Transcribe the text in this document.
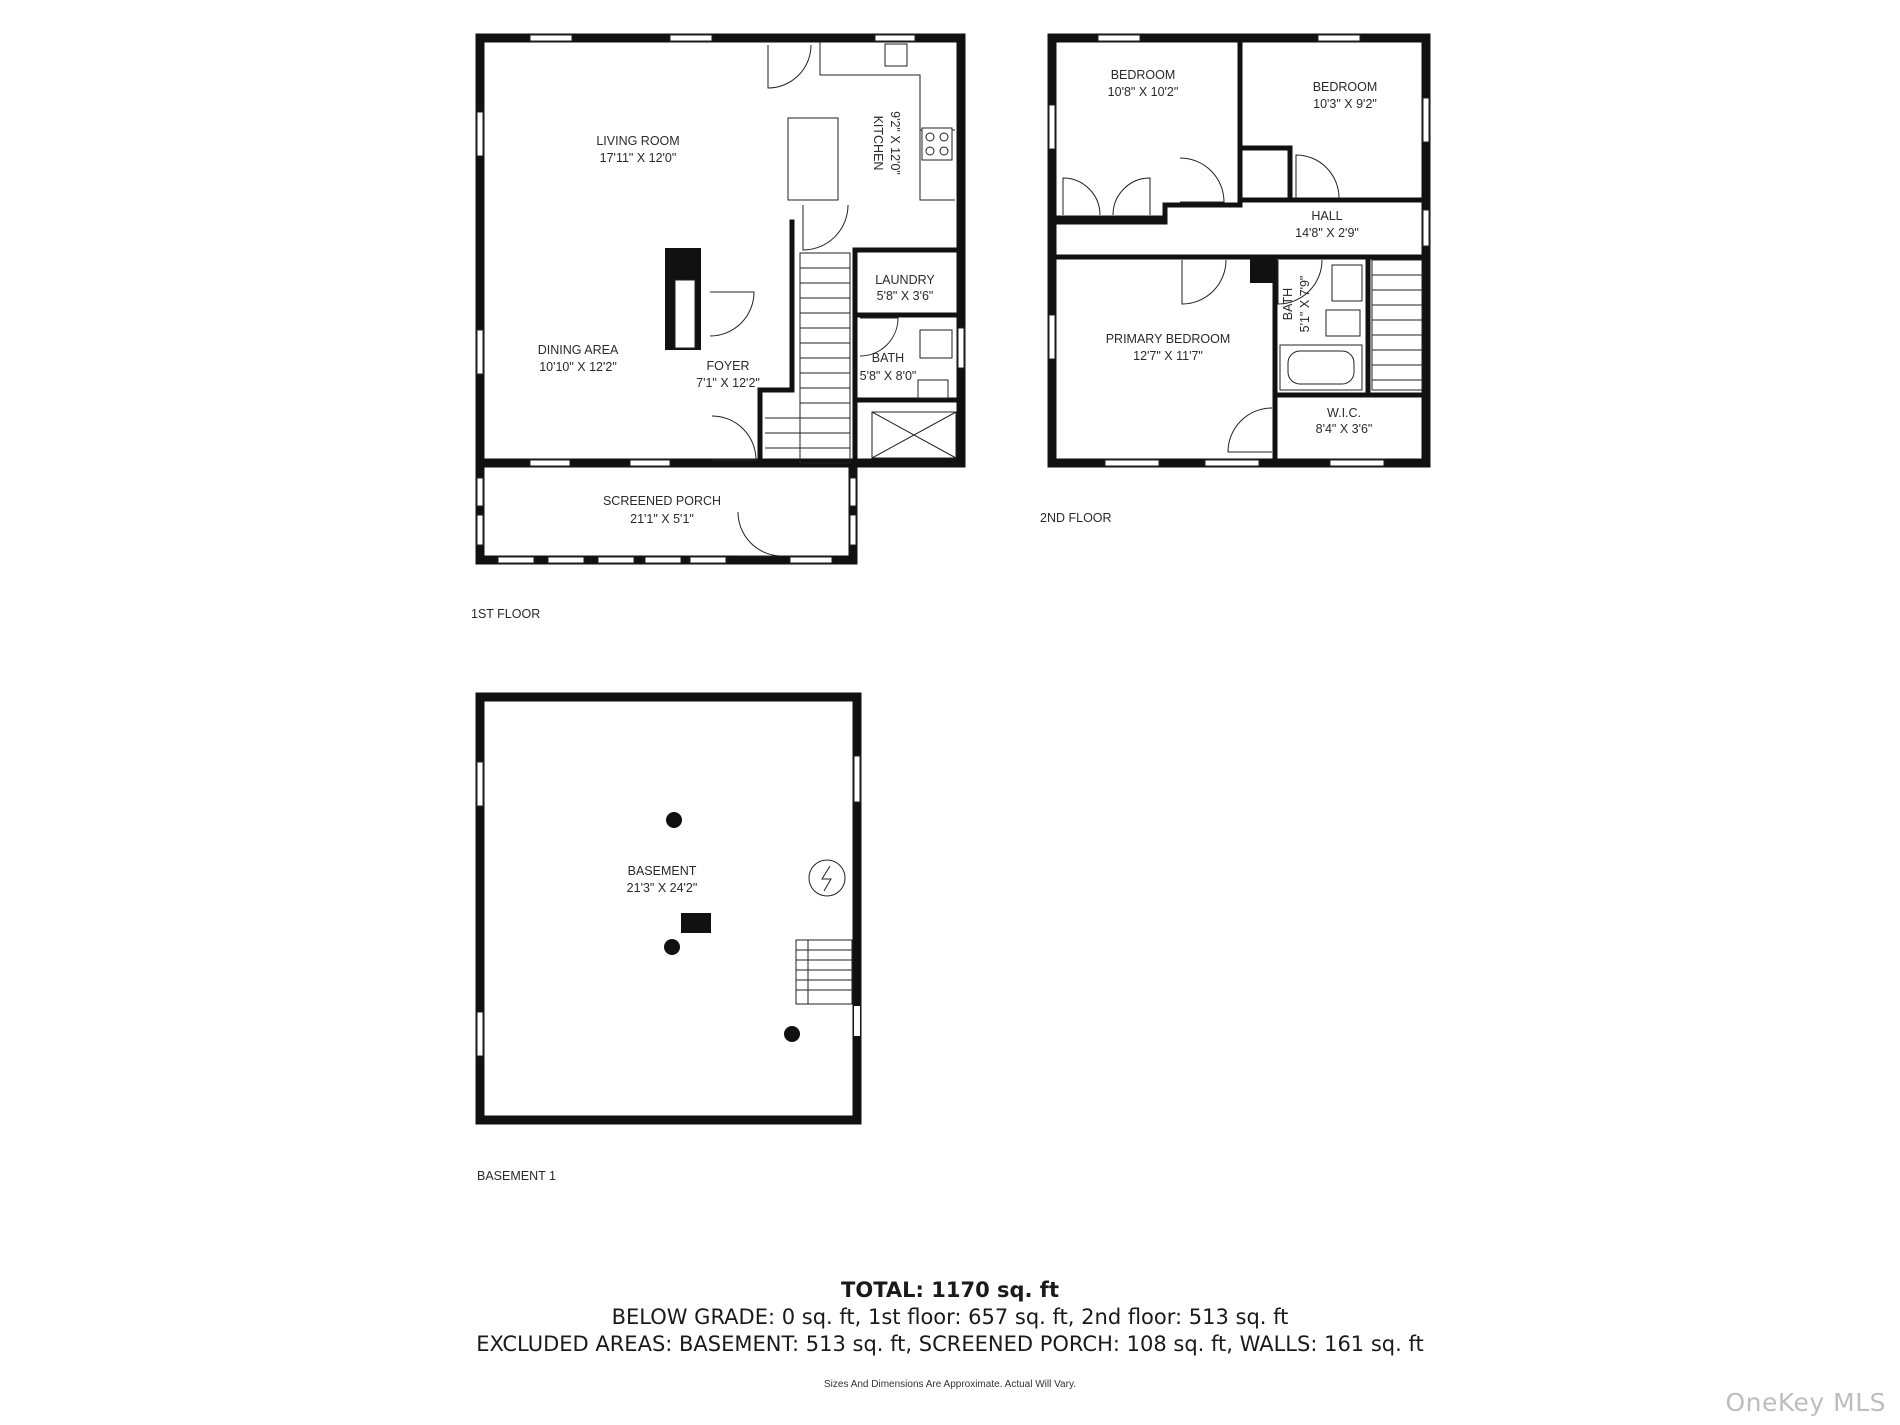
LIVING ROOM
17'11" X 12'0"	KITCHEN 9'2" X 12'0"
LAUNDRY
5'8" X 3'6"
DINING AREA
10'10" X 12'2"	FOYER
7'1" X 12'2"
BATH
5'8" X 8'0"
SCREENED PORCH
21'1" X 5'1"
1ST FLOOR
BEDROOM
10'8" X 10'2"	BEDROOM
10'3" X 9'2"
HALL
14'8" X 2'9"
PRIMARY BEDROOM
12'7" X 11'7"
BATH 5'1" X 7'9"
W.I.C.
8'4" X 3'6"
2ND FLOOR
BASEMENT
21'3" X 24'2"
BASEMENT 1
TOTAL: 1170 sq. ft
BELOW GRADE: 0 sq. ft, 1st floor: 657 sq. ft, 2nd floor: 513 sq. ft
EXCLUDED AREAS: BASEMENT: 513 sq. ft, SCREENED PORCH: 108 sq. ft, WALLS: 161 sq. ft
Sizes And Dimensions Are Approximate. Actual Will Vary.
OneKey MLS
